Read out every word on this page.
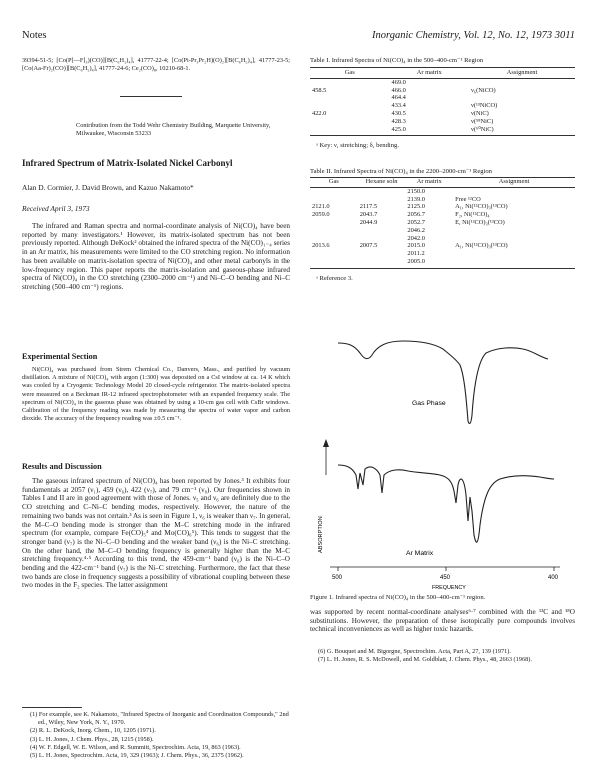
Notes	Inorganic Chemistry, Vol. 12, No. 12, 1973 3011
39394-51-5; [Co(P[—F]₃)(CO)][B(C₆H₅)₄], 41777-22-4; [Co(Pi-Pr₃Pr₂H)(O)₂][B(C₆H₅)₄], 41777-23-5; [Co(Aa-Fr)₂(CO)][B(C₆H₅)₄], 41777-24-6; Ce₂(CO)₈, 10210-68-1.
Contribution from the Todd Wehr Chemistry Building, Marquette University, Milwaukee, Wisconsin 53233
Infrared Spectrum of Matrix-Isolated Nickel Carbonyl
Alan D. Cormier, J. David Brown, and Kazuo Nakamoto*
Received April 3, 1973
The infrared and Raman spectra and normal-coordinate analysis of Ni(CO)₄ have been reported by many investigators.¹ However, its matrix-isolated spectrum has not been previously reported. Although DeKock² obtained the infrared spectra of the Ni(CO)₁₋₄ series in an Ar matrix, his measurements were limited to the CO stretching region. No information has been available on matrix-isolation spectra of Ni(CO)₄ and other metal carbonyls in the low-frequency region. This paper reports the matrix-isolation and gaseous-phase infrared spectra of Ni(CO)₄ in the CO stretching (2300–2000 cm⁻¹) and Ni–C–O bending and Ni–C stretching (500–400 cm⁻¹) regions.
Experimental Section
Ni(CO)₄ was purchased from Strem Chemical Co., Danvers, Mass., and purified by vacuum distillation. A mixture of Ni(CO)₄ with argon (1:300) was deposited on a CsI window at ca. 14 K which was cooled by a Cryogenic Technology Model 20 closed-cycle refrigerator. The matrix-isolated spectra were measured on a Beckman IR-12 infrared spectrophotometer with an expanded frequency scale. The spectrum of Ni(CO)₄ in the gaseous phase was obtained by using a 10-cm gas cell with CsBr windows. Calibration of the frequency reading was made by measuring the spectra of water vapor and carbon dioxide. The accuracy of the frequency reading was ±0.5 cm⁻¹.
Results and Discussion
The gaseous infrared spectrum of Ni(CO)₄ has been reported by Jones.³ It exhibits four fundamentals at 2057 (ν₁), 459 (ν₆), 422 (ν₇), and 79 cm⁻¹ (ν₈). Our frequencies shown in Tables I and II are in good agreement with those of Jones. ν₅ and ν₆ are definitely due to the CO stretching and C–Ni–C bending modes, respectively. However, the nature of the remaining two bands was not certain.³ As is seen in Figure 1, ν₆ is weaker than ν₇. In general, the M–C–O bending mode is stronger than the M–C stretching mode in the infrared spectrum (for example, compare Fe(CO)₅⁴ and Mo(CO)₆⁵). This tends to suggest that the stronger band (ν₇) is the Ni–C–O bending and the weaker band (ν₆) is the Ni–C stretching. On the other hand, the M–C–O bending frequency is generally higher than the M–C stretching frequency.⁴·⁵ According to this trend, the 459-cm⁻¹ band (ν₆) is the Ni–C–O bending and the 422-cm⁻¹ band (ν₇) is the Ni–C stretching. Furthermore, the fact that these two bands are close in frequency suggests a possibility of vibrational coupling between these two modes in the F₂ species. The latter assignment

(1) For example, see K. Nakamoto, "Infrared Spectra of Inorganic and Coordination Compounds," 2nd ed., Wiley, New York, N. Y., 1970.

(2) R. L. DeKock, Inorg. Chem., 10, 1205 (1971).

(3) L. H. Jones, J. Chem. Phys., 28, 1215 (1958).

(4) W. F. Edgell, W. E. Wilson, and R. Summitt, Spectrochim. Acta, 19, 863 (1963).

(5) L. H. Jones, Spectrochim. Acta, 19, 329 (1963); J. Chem. Phys., 36, 2375 (1962).

Table I. Infrared Spectra of Ni(CO)₄ in the 500–400-cm⁻¹ Region
Gas	Ar matrix	Assignment
	469.0	
458.5	466.0	ν₆(NiCO)
	464.4	
	433.4	ν(¹³NiCO)
422.0	430.5	ν(NiC)
	428.3	ν(⁵⁸NiC)
	425.0	ν(⁶⁰NiC)
ᵃ Key: ν, stretching; δ, bending.
Table II. Infrared Spectra of Ni(CO)₄ in the 2200–2000-cm⁻¹ Region
Gas	Hexane soln	Ar matrix	Assignment
		2150.0	
		2139.0	Free ¹²CO
2121.0	2117.5	2125.0	A₁, Ni(¹²CO)₃(¹³CO)
2059.0	2043.7	2056.7	F₂, Ni(¹²CO)₄
	2044.9	2052.7	E, Ni(¹²CO)₃(¹³CO)
		2046.2	
		2042.0	
2013.6	2007.5	2015.0	A₁, Ni(¹²CO)₃(¹³CO)
		2011.2	
		2005.0	
ᵃ Reference 3.
Gas Phase
ABSORPTION
Ar Matrix
500	450	400
FREQUENCY
Figure 1. Infrared spectra of Ni(CO)₄ in the 500–400-cm⁻¹ region.
was supported by recent normal-coordinate analyses⁶·⁷ combined with the ¹³C and ¹⁸O substitutions. However, the preparation of these isotopically pure compounds involves technical inconveniences as well as higher toxic hazards.

(6) G. Bouquet and M. Bigorgne, Spectrochim. Acta, Part A, 27, 139 (1971).

(7) L. H. Jones, R. S. McDowell, and M. Goldblatt, J. Chem. Phys., 48, 2663 (1968).
